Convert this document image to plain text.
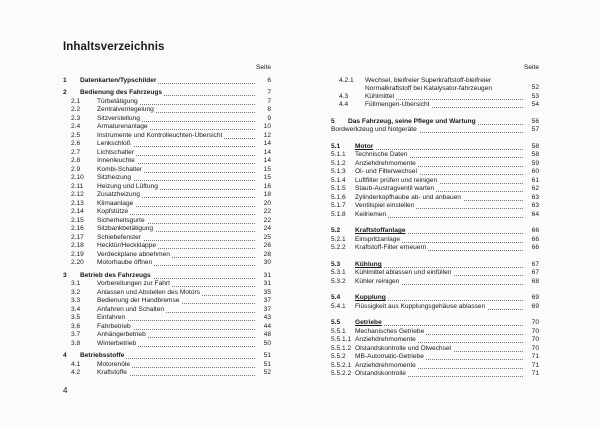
Inhaltsverzeichnis
Seite
1	Datenkarten/Typschilder	6
2	Bedienung des Fahrzeugs	7
2.1	Türbetätigung	7
2.2	Zentralverriegelung	8
2.3	Sitzverstellung	9
2.4	Armaturenanlage	10
2.5	Instrumente und Kontrolleuchten-Übersicht	12
2.6	Lenkschloß	14
2.7	Lichtschalter	14
2.8	Innenleuchte	14
2.9	Kombi-Schalter	15
2.10	Sitzheizung	15
2.11	Heizung und Lüftung	16
2.12	Zusatzheizung	18
2.13	Klimaanlage	20
2.14	Kopfstütze	22
2.15	Sicherheitsgurte	22
2.16	Sitzbankbetätigung	24
2.17	Schiebefenster	25
2.18	Hecktür/Heckklappe	26
2.19	Verdeckplane abnehmen	28
2.20	Motorhaube öffnen	30
3	Betrieb des Fahrzeugs	31
3.1	Vorbereitungen zur Fahrt	31
3.2	Anlassen und Abstellen des Motors	35
3.3	Bedienung der Handbremse	37
3.4	Anfahren und Schalten	37
3.5	Einfahren	43
3.6	Fahrbetrieb	44
3.7	Anhängerbetrieb	48
3.8	Winterbetrieb	50
4	Betriebsstoffe	51
4.1	Motorenöle	51
4.2	Kraftstoffe	52
Seite
4.2.1	Wechsel, bleifreier Superkraftstoff-bleifreier Normalkraftstoff bei Katalysator-fahrzeugen	52
4.3	Kühlmittel	53
4.4	Füllmengen-Übersicht	54
5	Das Fahrzeug, seine Pflege und Wartung	56
Bordwerkzeug und Notgeräte	57
5.1	Motor	58
5.1.1	Technische Daten	58
5.1.2	Anziehdrehmomente	59
5.1.3	Öl- und Filterwechsel	60
5.1.4	Luftfilter prüfen und reinigen	61
5.1.5	Staub-Austragventil warten	62
5.1.6	Zylinderkopfhaube ab- und anbauen	63
5.1.7	Ventilspiel einstellen	63
5.1.8	Keilriemen	64
5.2	Kraftstoffanlage	66
5.2.1	Einspritzanlage	66
5.2.2	Kraftstoff-Filter erneuern	66
5.3	Kühlung	67
5.3.1	Kühlmittel ablassen und einfüllen	67
5.3.2	Kühler reinigen	68
5.4	Kupplung	69
5.4.1	Flüssigkeit aus Kupplungsgehäuse ablassen	69
5.5	Getriebe	70
5.5.1	Mechanisches Getriebe	70
5.5.1.1 Anziehdrehmomente	70
5.5.1.2 Ölstandskontrolle und Ölwechsel	70
5.5.2	MB-Automatic-Getriebe	71
5.5.2.1 Anziehdrehmomente	71
5.5.2.2 Ölstandskontrolle	71
4
